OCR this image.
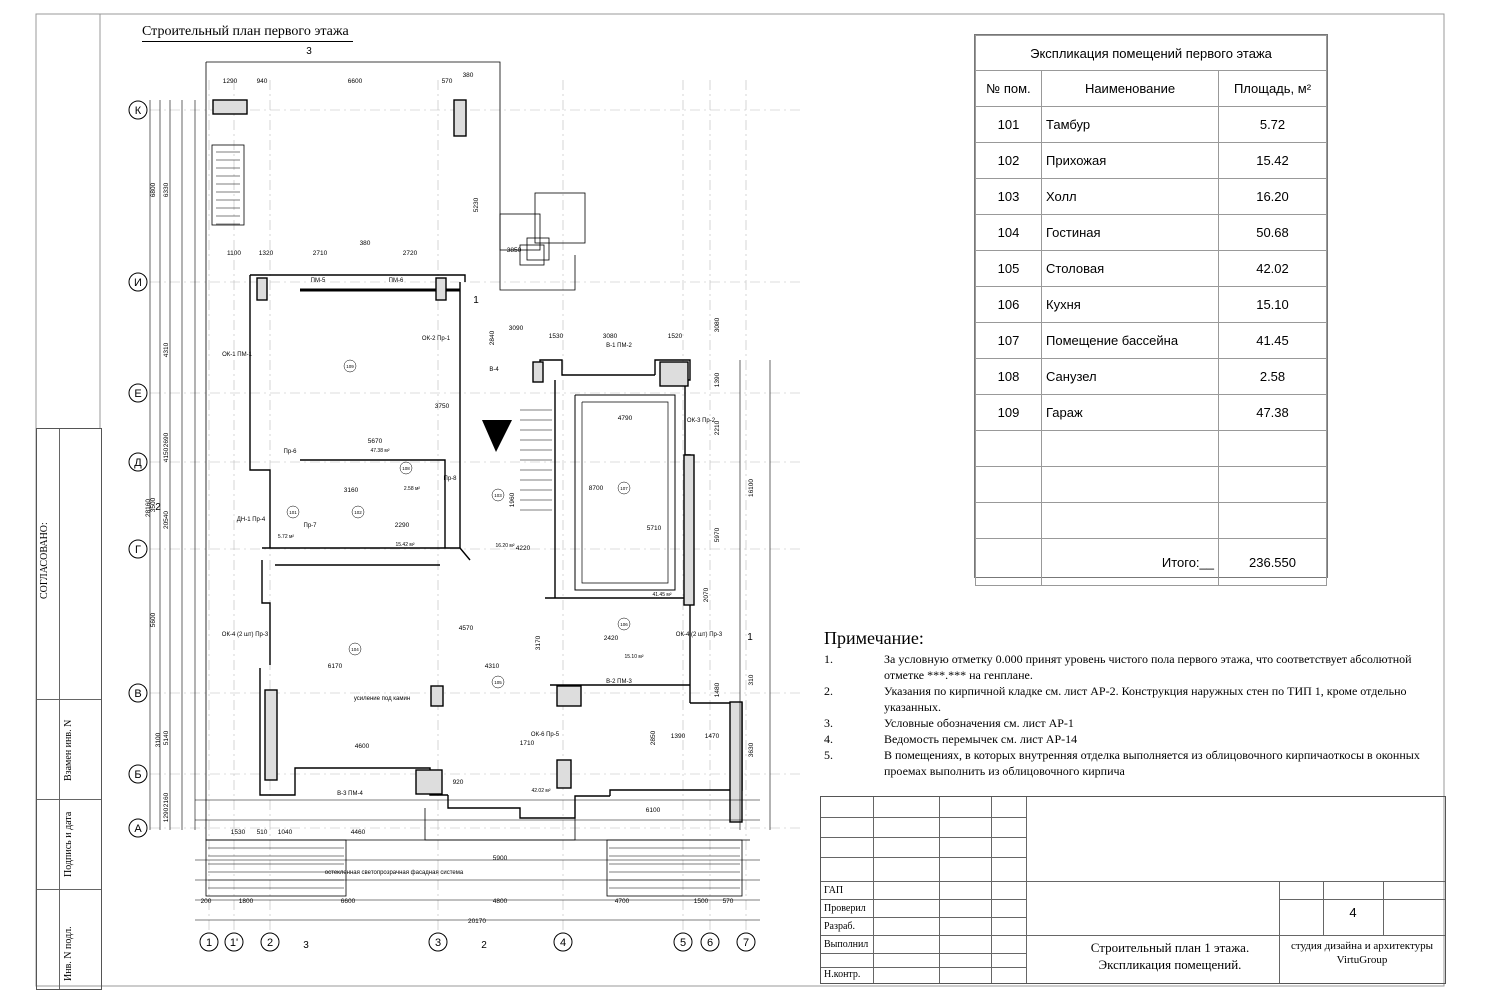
Строительный план первого этажа
К
И
Е
Д
Г
В
Б
А
1 1'	2	3	4	5 6	7
1290	940	6600	570
380
200	1800	6600	4800	4700	1500 570
20170
1530 510 1040	4460
5900
28160
6800 6330
4310
2690
4150
3500
20540
5600
3100 5140
2160
1290
3080
1390
2210
5970
16100
2070
1480
310
3630
2710
380
2720
1320
1100	3850
5230
5670
3160
4790
8700
5710
6170	4310
4570
4600
2840	3080
1530	1520
3090
3750
2290
4220
3170	2420
2850 1390	1470
6100
1710
1960
920
101
5.72 м²
102
15.42 м²
103
16.20 м²
104
105
42.02 м²
106
15.10 м²
107
41.45 м²
108
2.58 м²
109
47.38 м²
ОК-1 ПМ-1
ОК-2 Пр-1
ОК-3 Пр-2
ОК-4 (2 шт) Пр-3	ОК-4 (2 шт) Пр-3
ОК-6 Пр-5
ДН-1 Пр-4
В-1 ПМ-2
В-2 ПМ-3
В-3 ПМ-4
В-4
ПМ-5	ПМ-6
Пр-6
Пр-7
Пр-8
остекленная светопрозрачная фасадная система
усиление под камин
3
3	2
2
1
1
Экспликация помещений первого этажа		
№ пом.	Наименование	Площадь, м²
101	Тамбур	5.72
102	Прихожая	15.42
103	Холл	16.20
104	Гостиная	50.68
105	Столовая	42.02
106	Кухня	15.10
107	Помещение бассейна	41.45
108	Санузел	2.58
109	Гараж	47.38

	Итого:__	236.550
Примечание:
1.	За условную отметку 0.000 принят уровень чистого пола первого этажа, что соответствует абсолютной отметке ***.*** на генплане.
2.	Указания по кирпичной кладке см. лист АР-2. Конструкция наружных стен по ТИП 1, кроме отдельно указанных.
3.	Условные обозначения см. лист АР-1
4.	Ведомость перемычек см. лист АР-14
5.	В помещениях, в которых внутренняя отделка выполняется из облицовочного кирпичаоткосы в оконных проемах выполнить из облицовочного кирпича
ГАП
Проверил
Разраб.
Выполнил
Н.контр.
4
Строительный план 1 этажа.
Экспликация помещений.
студия дизайна и архитектуры
VirtuGroup
СОГЛАСОВАНО:
Взамен инв. N
Подпись и дата
Инв. N подл.
